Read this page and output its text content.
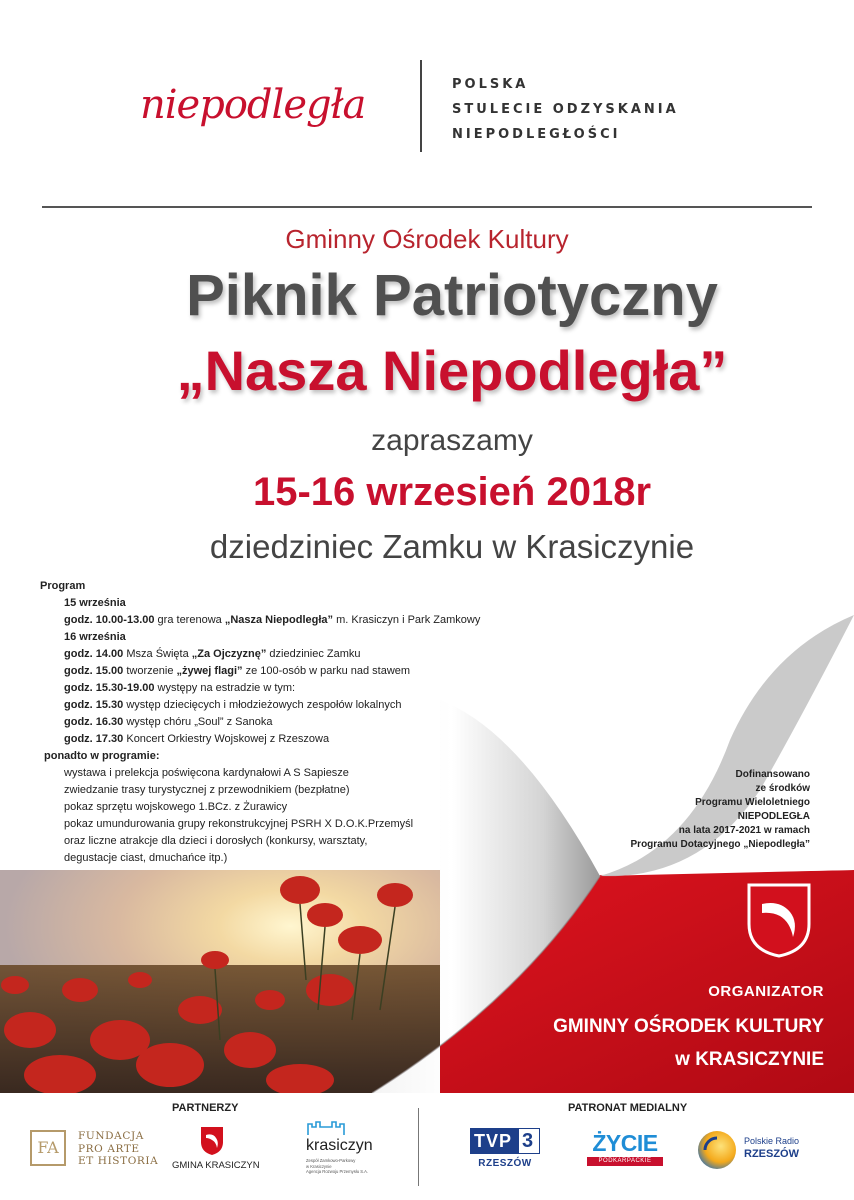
niepodległa	POLSKA
STULECIE ODZYSKANIA
NIEPODLEGŁOŚCI
Gminny Ośrodek Kultury
Piknik Patriotyczny
„Nasza Niepodległa”
zapraszamy
15-16 wrzesień 2018r
dziedziniec Zamku w Krasiczynie
Program
15 września
godz. 10.00-13.00 gra terenowa „Nasza Niepodległa” m. Krasiczyn i Park Zamkowy
16 września
godz. 14.00 Msza Święta „Za Ojczyznę” dziedziniec Zamku
godz. 15.00 tworzenie „żywej flagi” ze 100-osób w parku nad stawem
godz. 15.30-19.00 występy na estradzie w tym:
godz. 15.30 występ dziecięcych i młodzieżowych zespołów lokalnych
godz. 16.30 występ chóru „Soul” z Sanoka
godz. 17.30 Koncert Orkiestry Wojskowej z Rzeszowa
ponadto w programie:
wystawa i prelekcja poświęcona kardynałowi A S Sapiesze
zwiedzanie trasy turystycznej z przewodnikiem (bezpłatne)
pokaz sprzętu wojskowego 1.BCz. z Żurawicy
pokaz umundurowania grupy rekonstrukcyjnej PSRH X D.O.K.Przemyśl
oraz liczne atrakcje dla dzieci i dorosłych (konkursy, warsztaty,
degustacje ciast, dmuchańce itp.)
Dofinansowano
ze środków
Programu Wieloletniego
NIEPODLEGŁA
na lata 2017-2021 w ramach
Programu Dotacyjnego „Niepodległa”
ORGANIZATOR
GMINNY OŚRODEK KULTURY
w KRASICZYNIE
PARTNERZY	PATRONAT MEDIALNY
FA
FUNDACJA
PRO ARTE
ET HISTORIA GMINA KRASICZYN
krasiczyn
Zespół Zamkowo-Parkowy
w Krasiczynie
Agencja Rozwoju Przemysłu S.A.
TVP 3
RZESZÓW
ŻYCIE
PODKARPACKIE
Polskie Radio
RZESZÓW
